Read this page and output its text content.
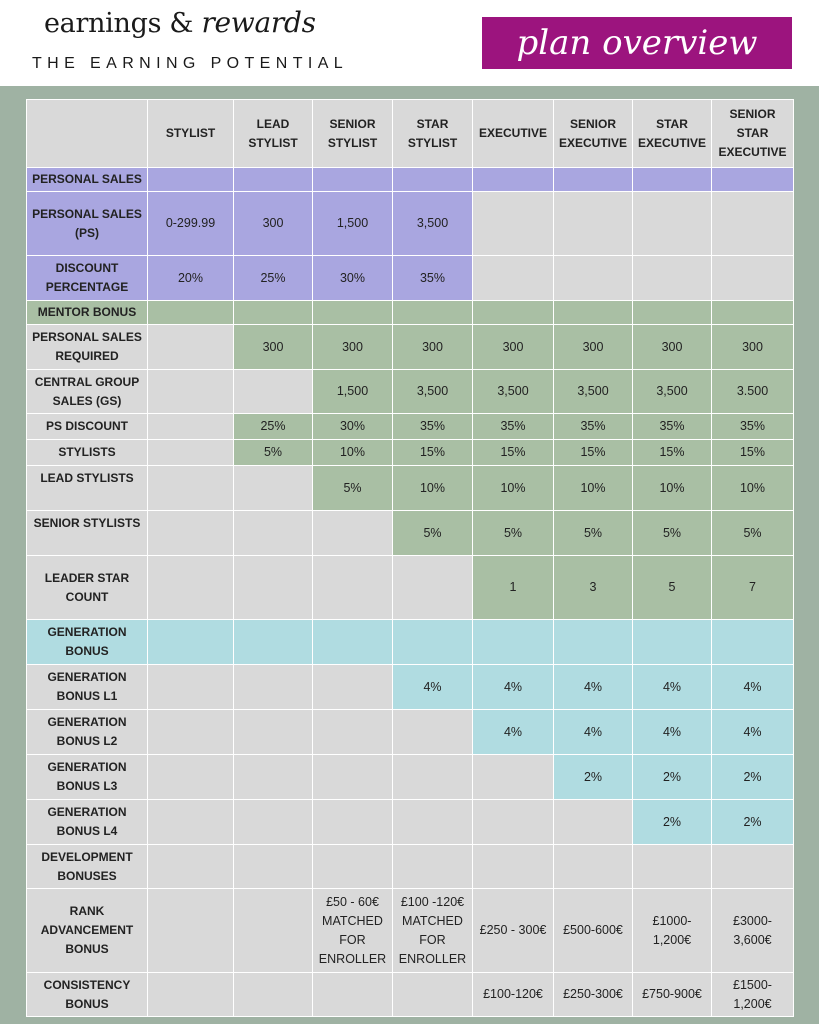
earnings & rewards
THE EARNING POTENTIAL
plan overview
	STYLIST	LEAD STYLIST	SENIOR STYLIST	STAR STYLIST	EXECUTIVE	SENIOR EXECUTIVE	STAR EXECUTIVE	SENIOR STAR EXECUTIVE
PERSONAL SALES								
PERSONAL SALES (PS)	0-299.99	300	1,500	3,500				
DISCOUNT PERCENTAGE	20%	25%	30%	35%				
MENTOR BONUS								
PERSONAL SALES REQUIRED		300	300	300	300	300	300	300
CENTRAL GROUP SALES (GS)			1,500	3,500	3,500	3,500	3,500	3.500
PS DISCOUNT		25%	30%	35%	35%	35%	35%	35%
STYLISTS		5%	10%	15%	15%	15%	15%	15%
LEAD STYLISTS			5%	10%	10%	10%	10%	10%
SENIOR STYLISTS				5%	5%	5%	5%	5%
LEADER STAR COUNT					1	3	5	7
GENERATION BONUS								
GENERATION BONUS L1				4%	4%	4%	4%	4%
GENERATION BONUS L2					4%	4%	4%	4%
GENERATION BONUS L3						2%	2%	2%
GENERATION BONUS L4							2%	2%
DEVELOPMENT BONUSES								
RANK ADVANCEMENT BONUS			£50 - 60€ MATCHED FOR ENROLLER	£100 -120€ MATCHED FOR ENROLLER	£250 - 300€	£500-600€	£1000-1,200€	£3000-3,600€
CONSISTENCY BONUS					£100-120€	£250-300€	£750-900€	£1500-1,200€
